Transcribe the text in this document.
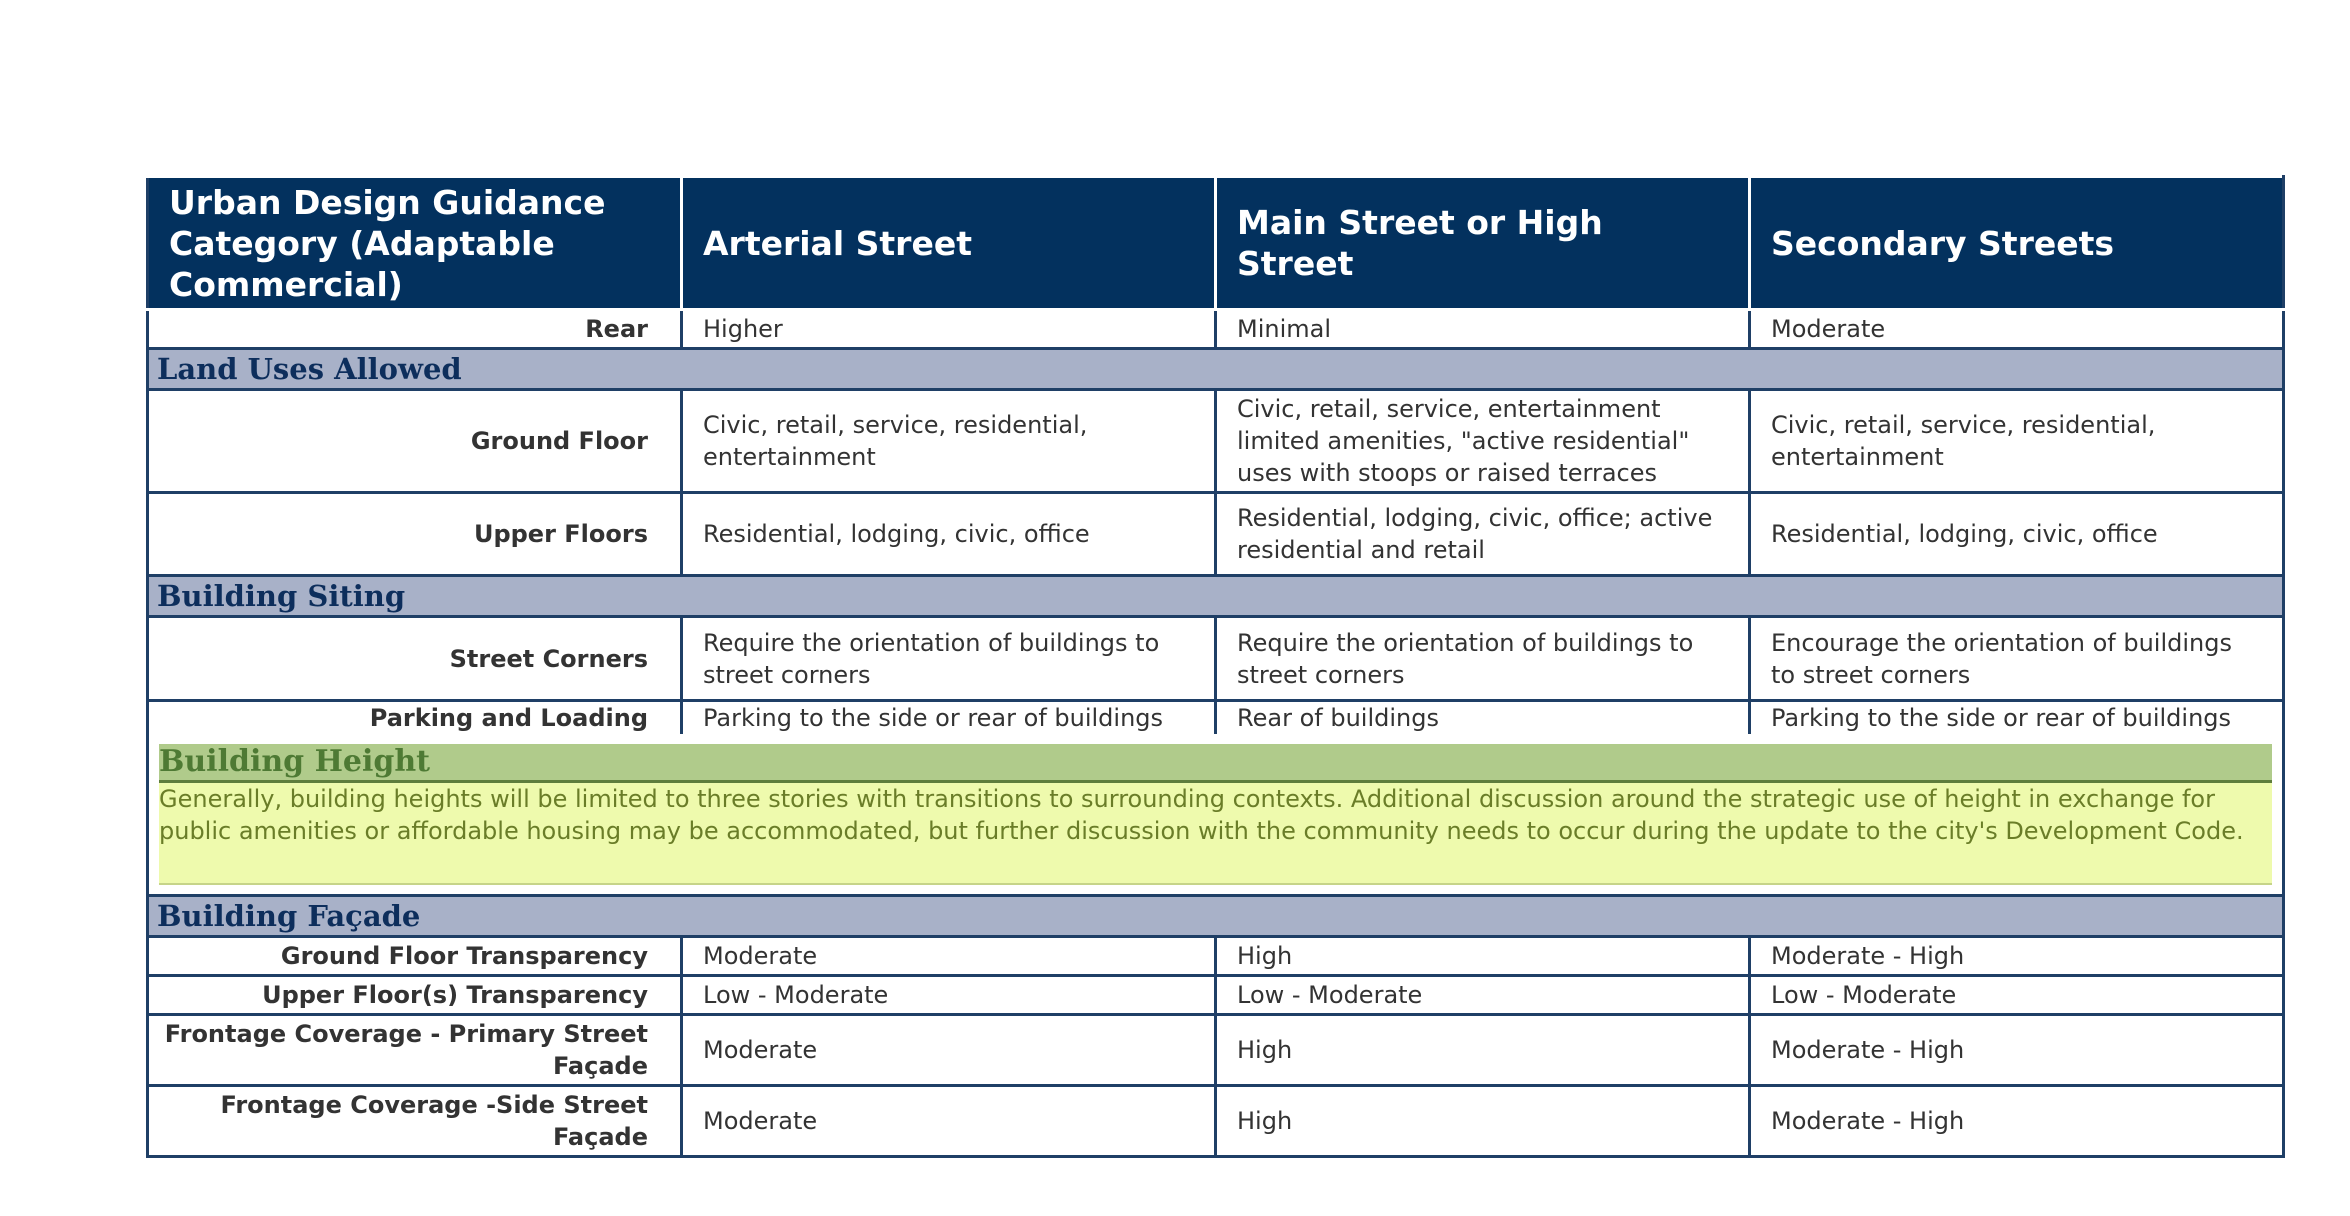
Urban Design Guidance Category (Adaptable Commercial)	Arterial Street	Main Street or High Street	Secondary Streets
Rear	Higher	Minimal	Moderate
Land Uses Allowed			
Ground Floor	Civic, retail, service, residential, entertainment	Civic, retail, service, entertainment limited amenities, "active residential" uses with stoops or raised terraces	Civic, retail, service, residential, entertainment
Upper Floors	Residential, lodging, civic, office	Residential, lodging, civic, office; active residential and retail	Residential, lodging, civic, office
Building Siting			
Street Corners	Require the orientation of buildings to street corners	Require the orientation of buildings to street corners	Encourage the orientation of buildings to street corners
Parking and Loading	Parking to the side or rear of buildings	Rear of buildings	Parking to the side or rear of buildings

Building Height
Generally, building heights will be limited to three stories with transitions to surrounding contexts. Additional discussion around the strategic use of height in exchange for public amenities or affordable housing may be accommodated, but further discussion with the community needs to occur during the update to the city's Development Code.			

Building Façade			
Ground Floor Transparency	Moderate	High	Moderate - High
Upper Floor(s) Transparency	Low - Moderate	Low - Moderate	Low - Moderate
Frontage Coverage - Primary Street Façade	Moderate	High	Moderate - High
Frontage Coverage -Side Street Façade	Moderate	High	Moderate - High
